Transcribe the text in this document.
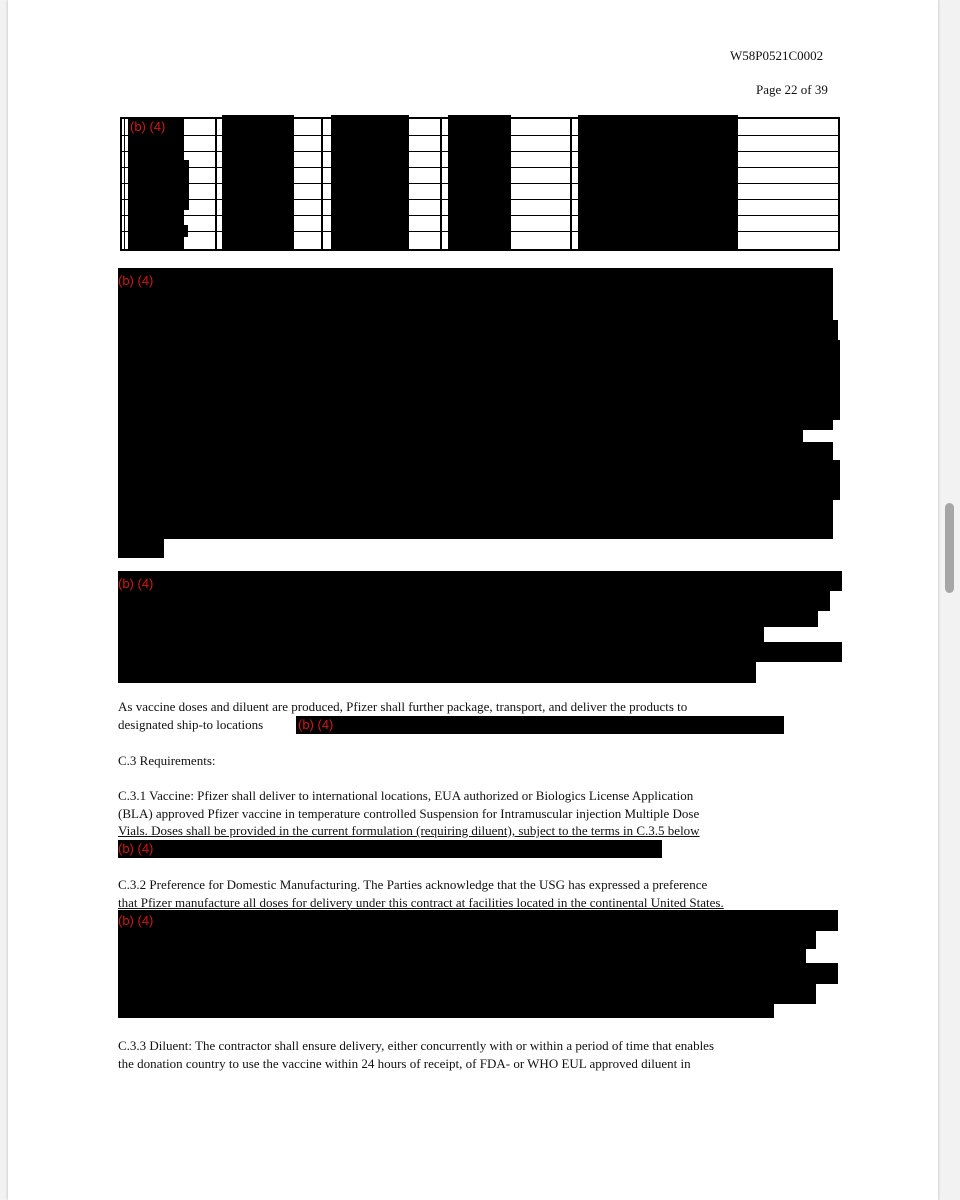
W58P0521C0002
Page 22 of 39
(b) (4)
(b) (4)
(b) (4)

As vaccine doses and diluent are produced, Pfizer shall further package, transport, and deliver the products to
designated ship-to locations	(b) (4)

C.3 Requirements:

C.3.1 Vaccine: Pfizer shall deliver to international locations, EUA authorized or Biologics License Application
(BLA) approved Pfizer vaccine in temperature controlled Suspension for Intramuscular injection Multiple Dose
Vials. Doses shall be provided in the current formulation (requiring diluent), subject to the terms in C.3.5 below

(b) (4)

C.3.2 Preference for Domestic Manufacturing. The Parties acknowledge that the USG has expressed a preference
that Pfizer manufacture all doses for delivery under this contract at facilities located in the continental United States.

(b) (4)

C.3.3 Diluent: The contractor shall ensure delivery, either concurrently with or within a period of time that enables
the donation country to use the vaccine within 24 hours of receipt, of FDA- or WHO EUL approved diluent in
